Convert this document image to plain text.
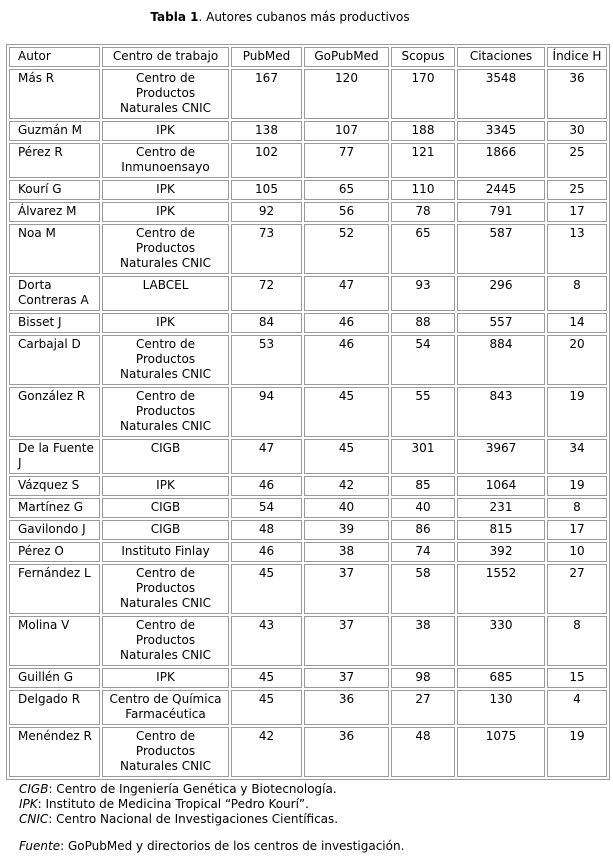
Tabla 1. Autores cubanos más productivos
Autor	Centro de trabajo	PubMed	GoPubMed	Scopus	Citaciones	Índice H
Más R	Centro de Productos Naturales CNIC	167	120	170	3548	36
Guzmán M	IPK	138	107	188	3345	30
Pérez R	Centro de Inmunoensayo	102	77	121	1866	25
Kourí G	IPK	105	65	110	2445	25
Álvarez M	IPK	92	56	78	791	17
Noa M	Centro de Productos Naturales CNIC	73	52	65	587	13
Dorta Contreras A	LABCEL	72	47	93	296	8
Bisset J	IPK	84	46	88	557	14
Carbajal D	Centro de Productos Naturales CNIC	53	46	54	884	20
González R	Centro de Productos Naturales CNIC	94	45	55	843	19
De la Fuente J	CIGB	47	45	301	3967	34
Vázquez S	IPK	46	42	85	1064	19
Martínez G	CIGB	54	40	40	231	8
Gavilondo J	CIGB	48	39	86	815	17
Pérez O	Instituto Finlay	46	38	74	392	10
Fernández L	Centro de Productos Naturales CNIC	45	37	58	1552	27
Molina V	Centro de Productos Naturales CNIC	43	37	38	330	8
Guillén G	IPK	45	37	98	685	15
Delgado R	Centro de Química Farmacéutica	45	36	27	130	4
Menéndez R	Centro de Productos Naturales CNIC	42	36	48	1075	19
CIGB: Centro de Ingeniería Genética y Biotecnología.
IPK: Instituto de Medicina Tropical “Pedro Kourí”.
CNIC: Centro Nacional de Investigaciones Científicas.
Fuente: GoPubMed y directorios de los centros de investigación.
